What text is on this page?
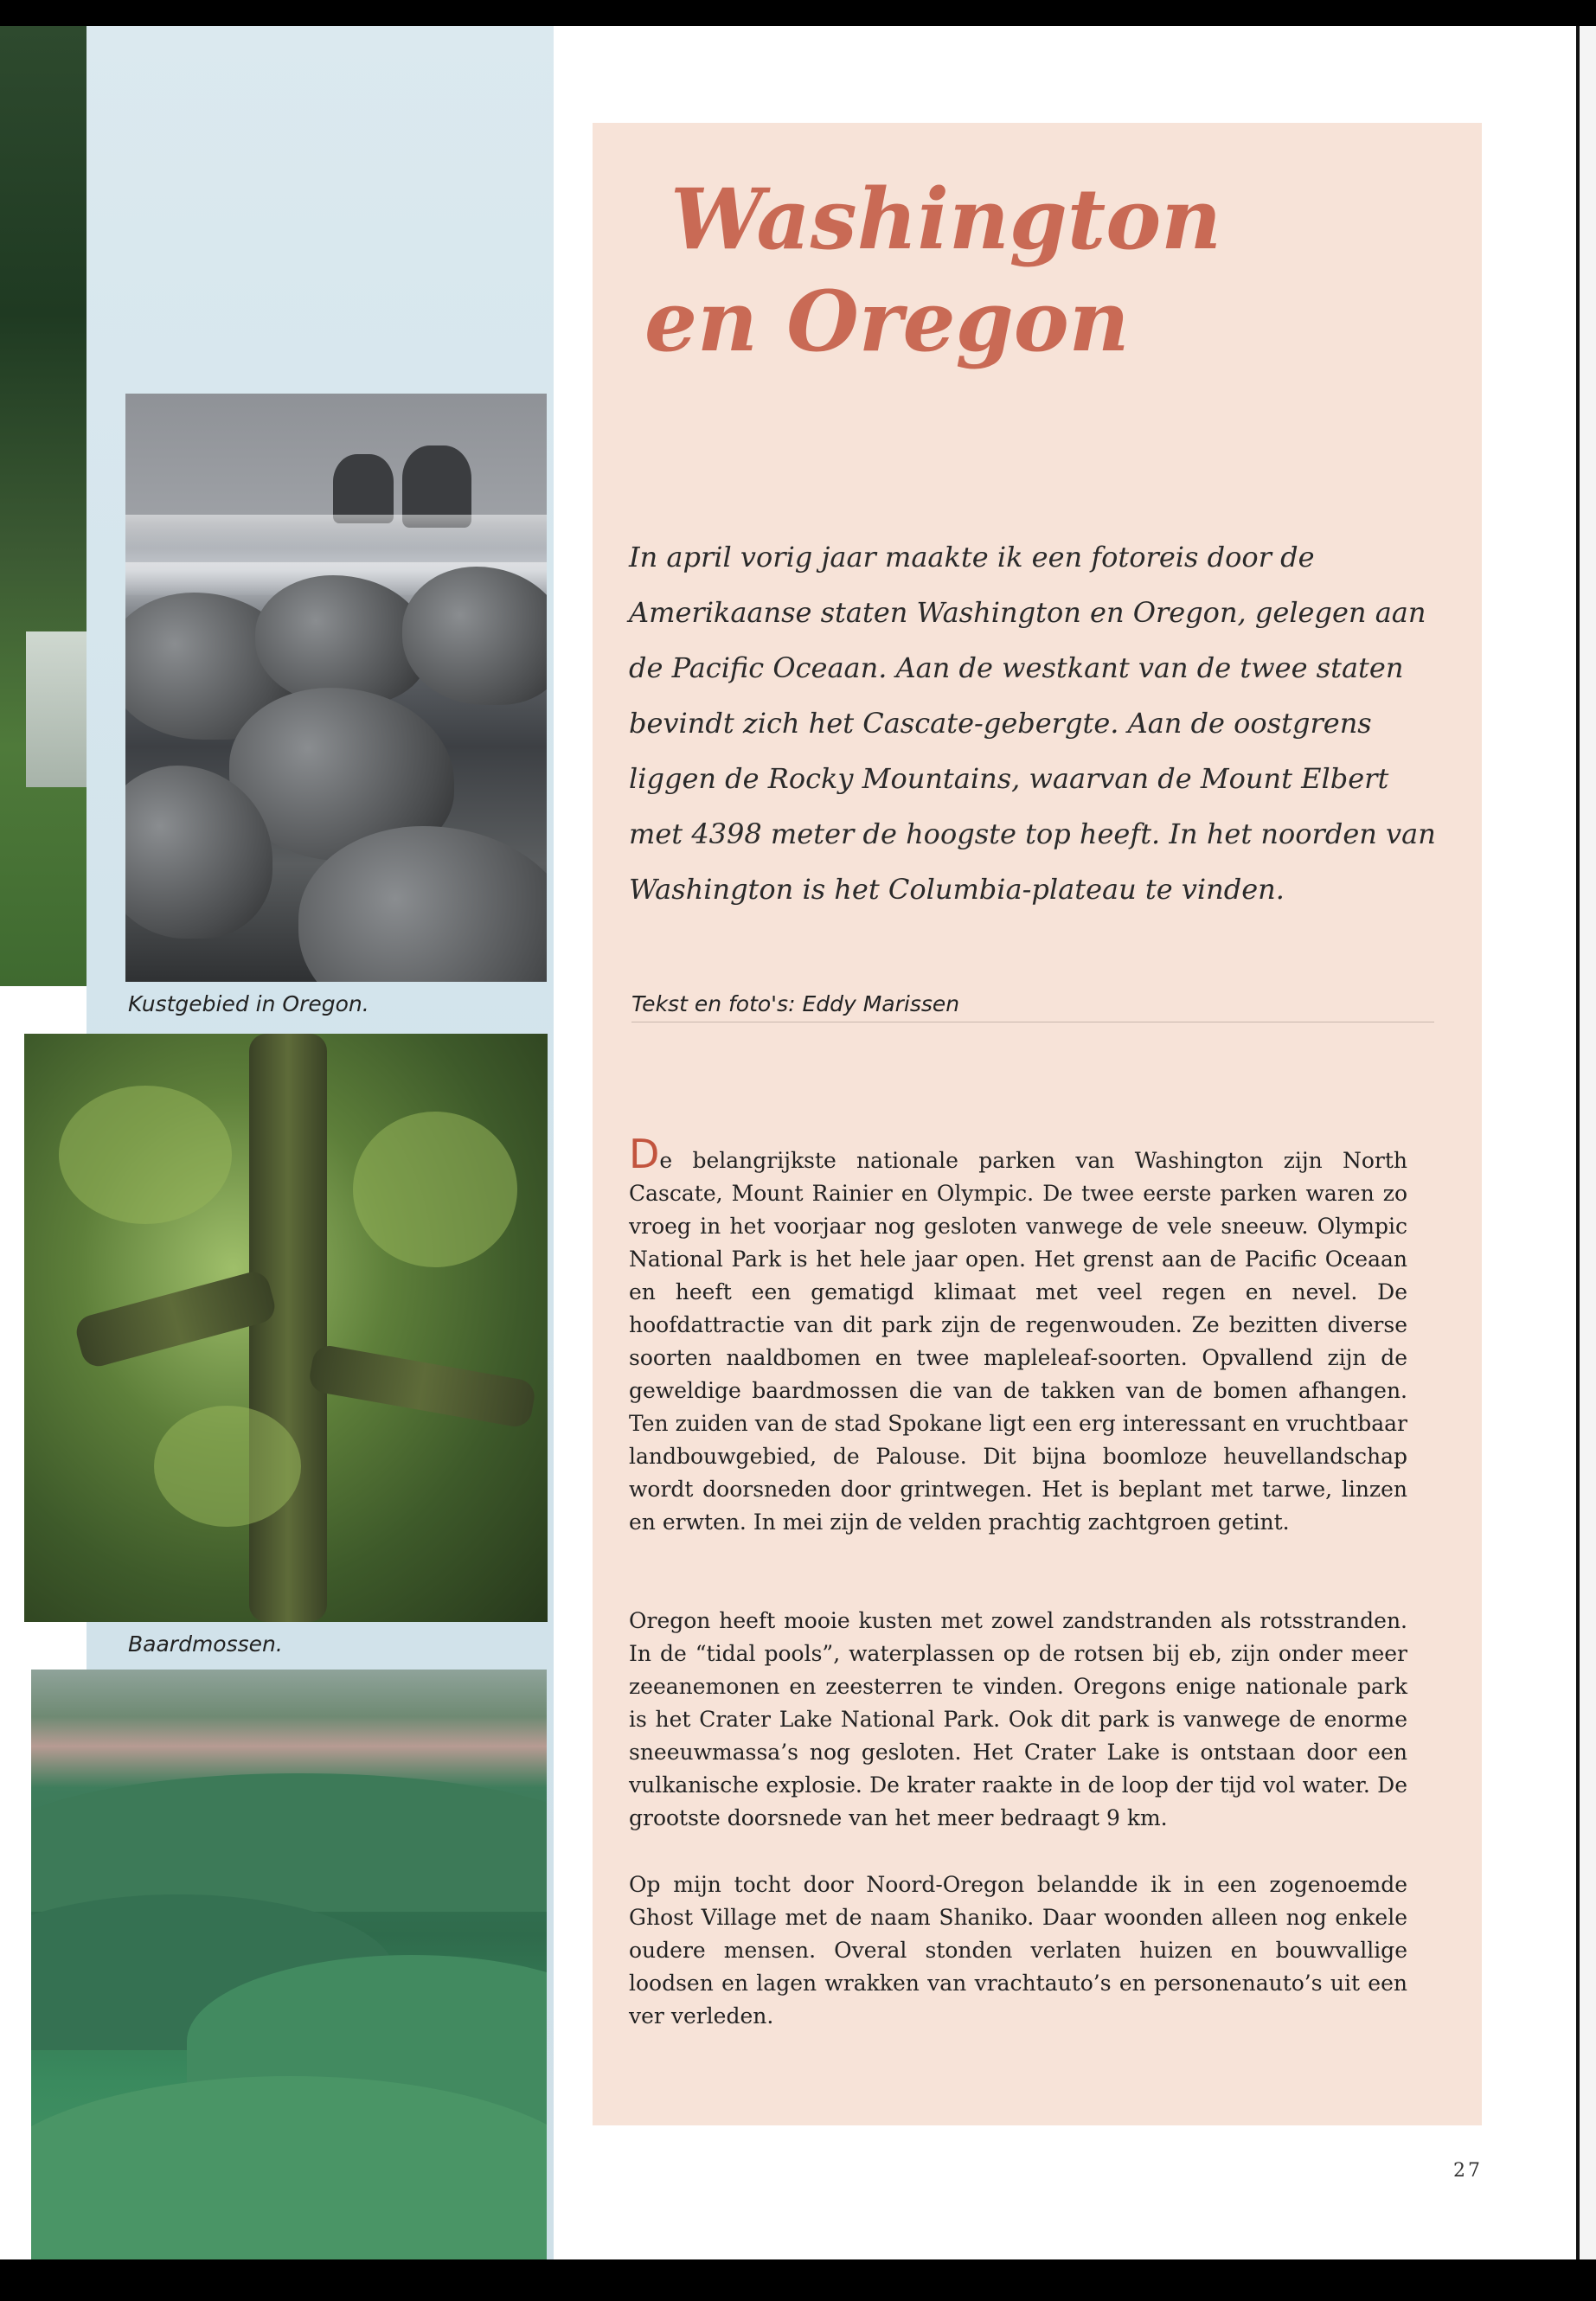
Kustgebied in Oregon.
Baardmossen.
Washington
en Oregon
In april vorig jaar maakte ik een fotoreis door de Amerikaanse staten Washington en Oregon, gelegen aan de Pacific Oceaan. Aan de westkant van de twee staten bevindt zich het Cascate-gebergte. Aan de oostgrens liggen de Rocky Mountains, waarvan de Mount Elbert met 4398 meter de hoogste top heeft. In het noorden van Washington is het Columbia-plateau te vinden.
Tekst en foto's: Eddy Marissen
De belangrijkste nationale parken van Washington zijn North Cascate, Mount Rainier en Olympic. De twee eerste parken waren zo vroeg in het voorjaar nog gesloten vanwege de vele sneeuw. Olympic National Park is het hele jaar open. Het grenst aan de Pacific Oceaan en heeft een gematigd klimaat met veel regen en nevel. De hoofdattractie van dit park zijn de regenwouden. Ze bezitten diverse soorten naaldbomen en twee mapleleaf-soorten. Opvallend zijn de geweldige baardmossen die van de takken van de bomen afhangen. Ten zuiden van de stad Spokane ligt een erg interessant en vruchtbaar landbouwgebied, de Palouse. Dit bijna boomloze heuvellandschap wordt doorsneden door grintwegen. Het is beplant met tarwe, linzen en erwten. In mei zijn de velden prachtig zachtgroen getint.
Oregon heeft mooie kusten met zowel zandstranden als rotsstranden. In de “tidal pools”, waterplassen op de rotsen bij eb, zijn onder meer zeeanemonen en zeesterren te vinden. Oregons enige nationale park is het Crater Lake National Park. Ook dit park is vanwege de enorme sneeuwmassa’s nog gesloten. Het Crater Lake is ontstaan door een vulkanische explosie. De krater raakte in de loop der tijd vol water. De grootste doorsnede van het meer bedraagt 9 km.
Op mijn tocht door Noord-Oregon belandde ik in een zogenoemde Ghost Village met de naam Shaniko. Daar woonden alleen nog enkele oudere mensen. Overal stonden verlaten huizen en bouwvallige loodsen en lagen wrakken van vrachtauto’s en personenauto’s uit een ver verleden.
27
